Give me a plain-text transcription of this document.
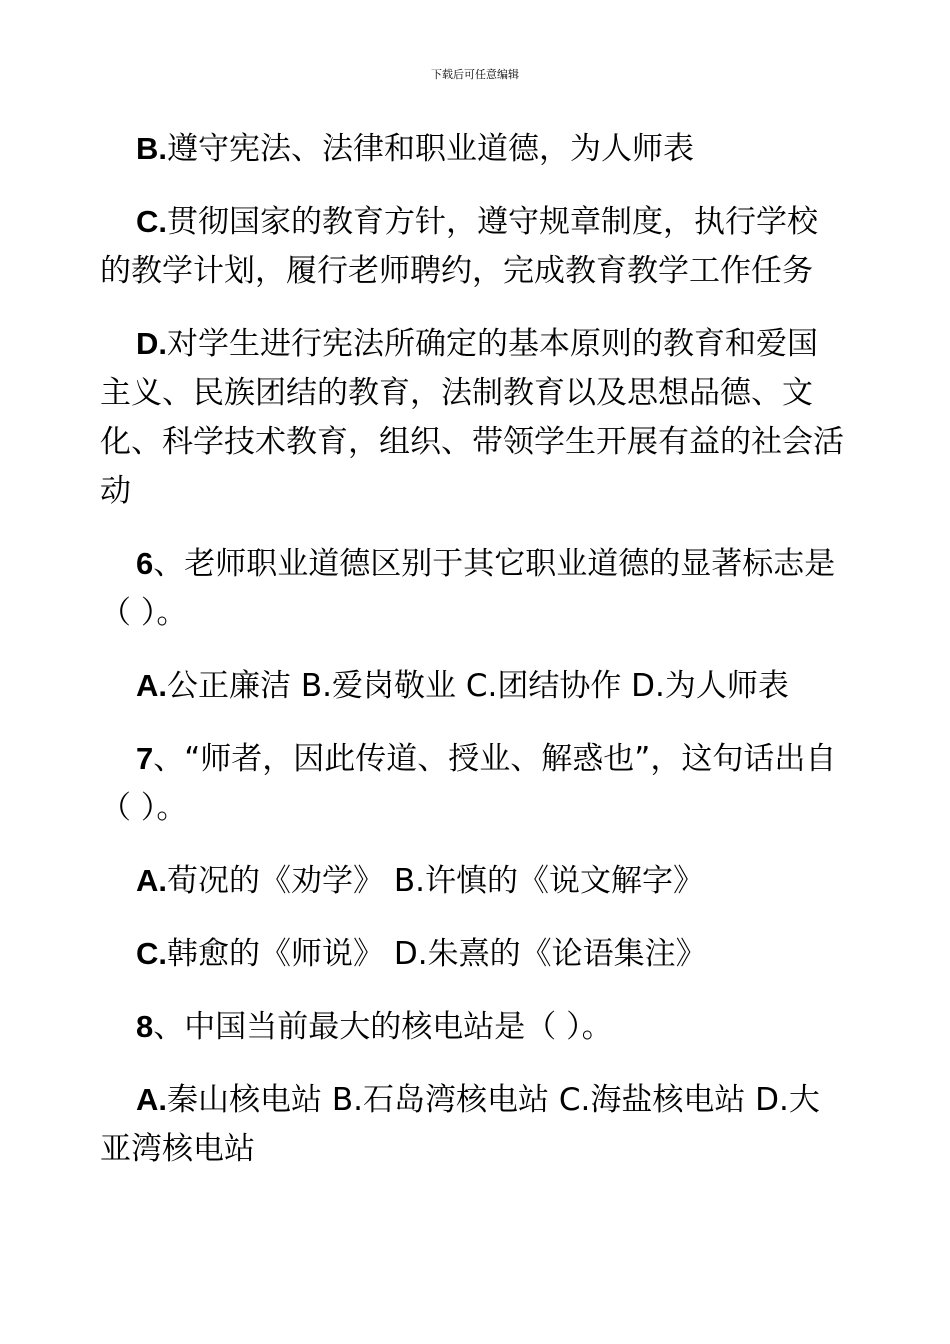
下载后可任意编辑

B.遵守宪法、法律和职业道德，为人师表

C.贯彻国家的教育方针，遵守规章制度，执行学校的教学计划，履行老师聘约，完成教育教学工作任务

D.对学生进行宪法所确定的基本原则的教育和爱国主义、民族团结的教育，法制教育以及思想品德、文化、科学技术教育，组织、带领学生开展有益的社会活动

6、老师职业道德区别于其它职业道德的显著标志是（ ）。

A.公正廉洁 B.爱岗敬业 C.团结协作 D.为人师表

7、“师者，因此传道、授业、解惑也”，这句话出自（ ）。

A.荀况的《劝学》 B.许慎的《说文解字》

C.韩愈的《师说》 D.朱熹的《论语集注》

8、中国当前最大的核电站是（ ）。

A.秦山核电站 B.石岛湾核电站 C.海盐核电站 D.大亚湾核电站
